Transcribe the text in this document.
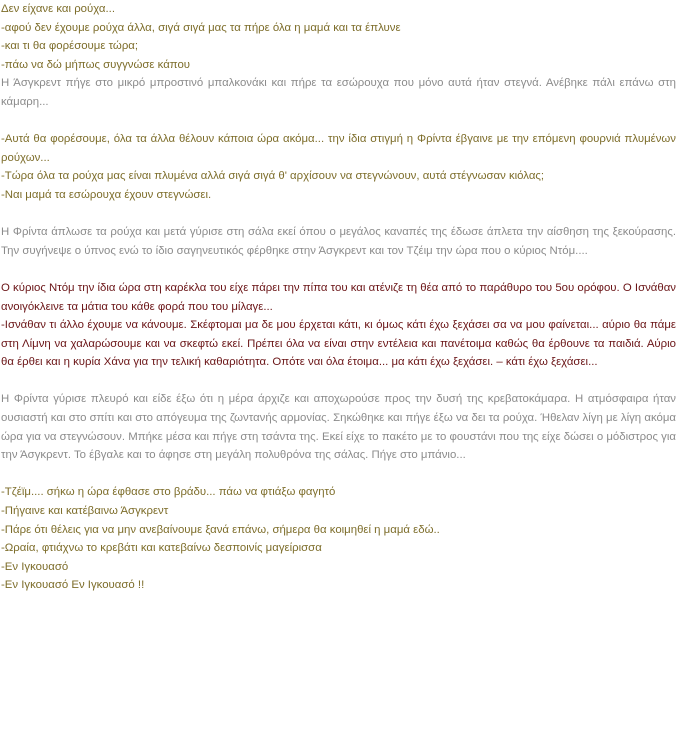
Δεν είχανε και ρούχα...

-αφού δεν έχουμε ρούχα άλλα, σιγά σιγά μας τα πήρε όλα η μαμά και τα έπλυνε

-και τι θα φορέσουμε τώρα;

-πάω να δώ μήπως συγγνώσε κάπου

Η Άσγκρεντ πήγε στο μικρό μπροστινό μπαλκονάκι και πήρε τα εσώρουχα που μόνο αυτά ήταν στεγνά. Ανέβηκε πάλι επάνω στη κάμαρη...

-Αυτά θα φορέσουμε, όλα τα άλλα θέλουν κάποια ώρα ακόμα... την ίδια στιγμή η Φρίντα έβγαινε με την επόμενη φουρνιά πλυμένων ρούχων...

-Τώρα όλα τα ρούχα μας είναι πλυμένα αλλά σιγά σιγά θ' αρχίσουν να στεγνώνουν, αυτά στέγνωσαν κιόλας;

-Ναι μαμά τα εσώρουχα έχουν στεγνώσει.

Η Φρίντα άπλωσε τα ρούχα και μετά γύρισε στη σάλα εκεί όπου ο μεγάλος καναπές της έδωσε άπλετα την αίσθηση της ξεκούρασης. Την συγήνεψε ο ύπνος ενώ το ίδιο σαγηνευτικός φέρθηκε στην Άσγκρεντ και τον Τζέιμ την ώρα που ο κύριος Ντόμ....

Ο κύριος Ντόμ την ίδια ώρα στη καρέκλα του είχε πάρει την πίπα του και ατένιζε τη θέα από το παράθυρο του 5ου ορόφου. Ο Ισνάθαν ανοιγόκλεινε τα μάτια του κάθε φορά που του μίλαγε...

-Ισνάθαν τι άλλο έχουμε να κάνουμε. Σκέφτομαι μα δε μου έρχεται κάτι, κι όμως κάτι έχω ξεχάσει σα να μου φαίνεται... αύριο θα πάμε στη Λίμνη να χαλαρώσουμε και να σκεφτώ εκεί. Πρέπει όλα να είναι στην εντέλεια και πανέτοιμα καθώς θα έρθουνε τα παιδιά. Αύριο θα έρθει και η κυρία Χάνα για την τελική καθαριότητα. Οπότε ναι όλα έτοιμα... μα κάτι έχω ξεχάσει. – κάτι έχω ξεχάσει...

Η Φρίντα γύρισε πλευρό και είδε έξω ότι η μέρα άρχιζε και αποχωρούσε προς την δυσή της κρεβατοκάμαρα. Η ατμόσφαιρα ήταν ουσιαστή και στο σπίτι και στο απόγευμα της ζωντανής αρμονίας. Σηκώθηκε και πήγε έξω να δει τα ρούχα. Ήθελαν λίγη με λίγη ακόμα ώρα για να στεγνώσουν. Μπήκε μέσα και πήγε στη τσάντα της. Εκεί είχε το πακέτο με το φουστάνι που της είχε δώσει ο μόδιστρος για την Άσγκρεντ. Το έβγαλε και το άφησε στη μεγάλη πολυθρόνα της σάλας. Πήγε στο μπάνιο...

-Τζέϊμ.... σήκω η ώρα έφθασε στο βράδυ... πάω να φτιάξω φαγητό

-Πήγαινε και κατέβαινω Άσγκρεντ

-Πάρε ότι θέλεις για να μην ανεβαίνουμε ξανά επάνω, σήμερα θα κοιμηθεί η μαμά εδώ..

-Ωραία, φτιάχνω το κρεβάτι και κατεβαίνω δεσποινίς μαγείρισσα

-Εν Ιγκουασό

-Εν Ιγκουασό Εν Ιγκουασό !!
